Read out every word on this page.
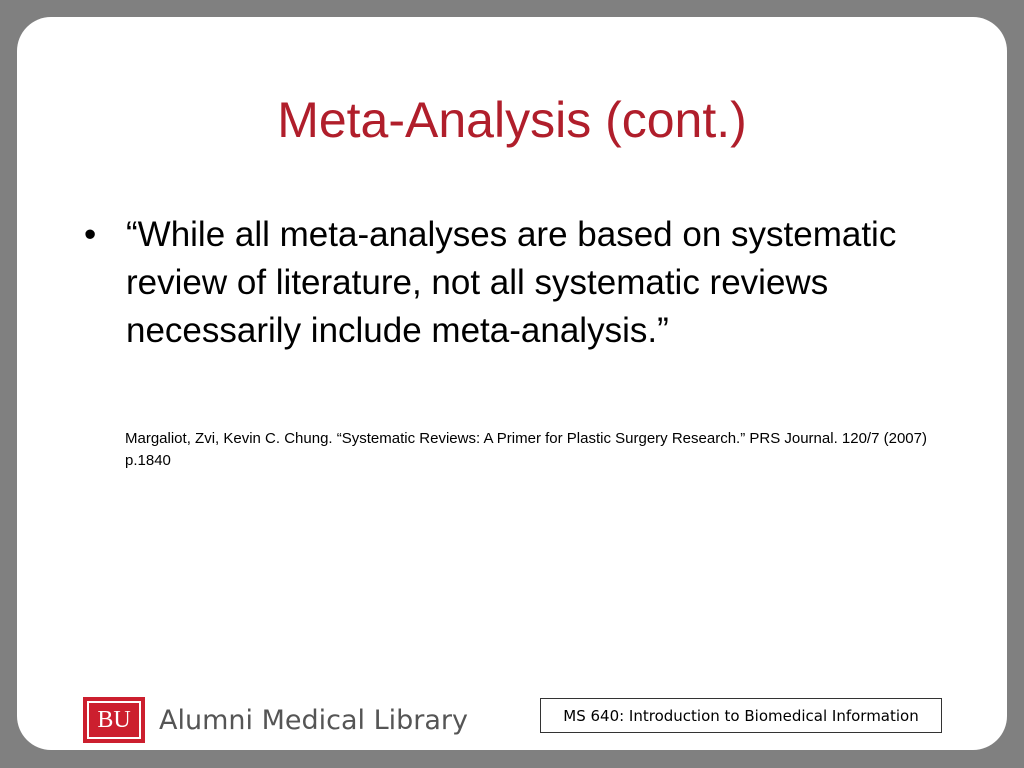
Meta-Analysis (cont.)
• “While all meta-analyses are based on systematic review of literature, not all systematic reviews necessarily include meta-analysis.”

Margaliot, Zvi, Kevin C. Chung. “Systematic Reviews: A Primer for Plastic Surgery Research.” PRS Journal. 120/7 (2007) p.1840

BU	Alumni Medical Library	MS 640: Introduction to Biomedical Information
